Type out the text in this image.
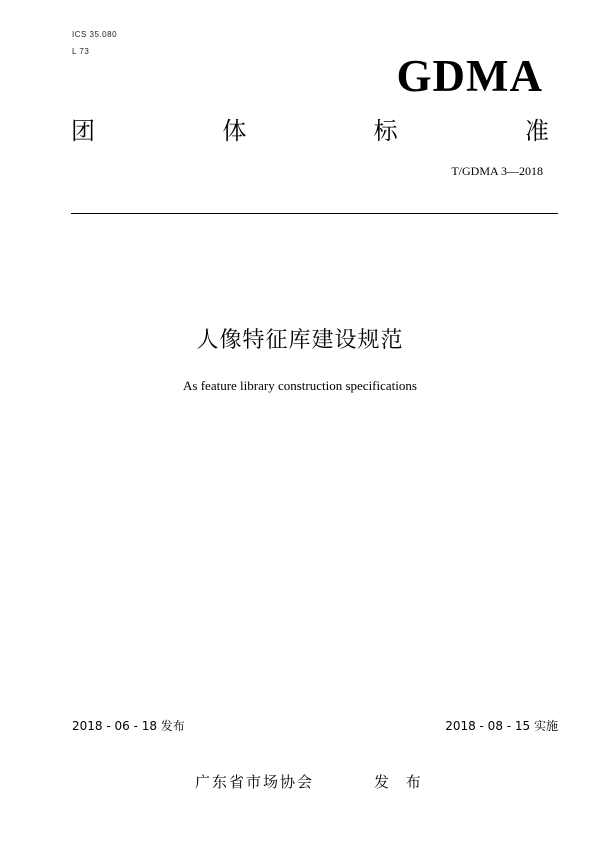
ICS 35.080
L 73	GDMA
团	体	标	准
T/GDMA 3—2018
人像特征库建设规范
As feature library construction specifications
2018 - 06 - 18 发布	2018 - 08 - 15 实施
广东省市场协会	发 布
